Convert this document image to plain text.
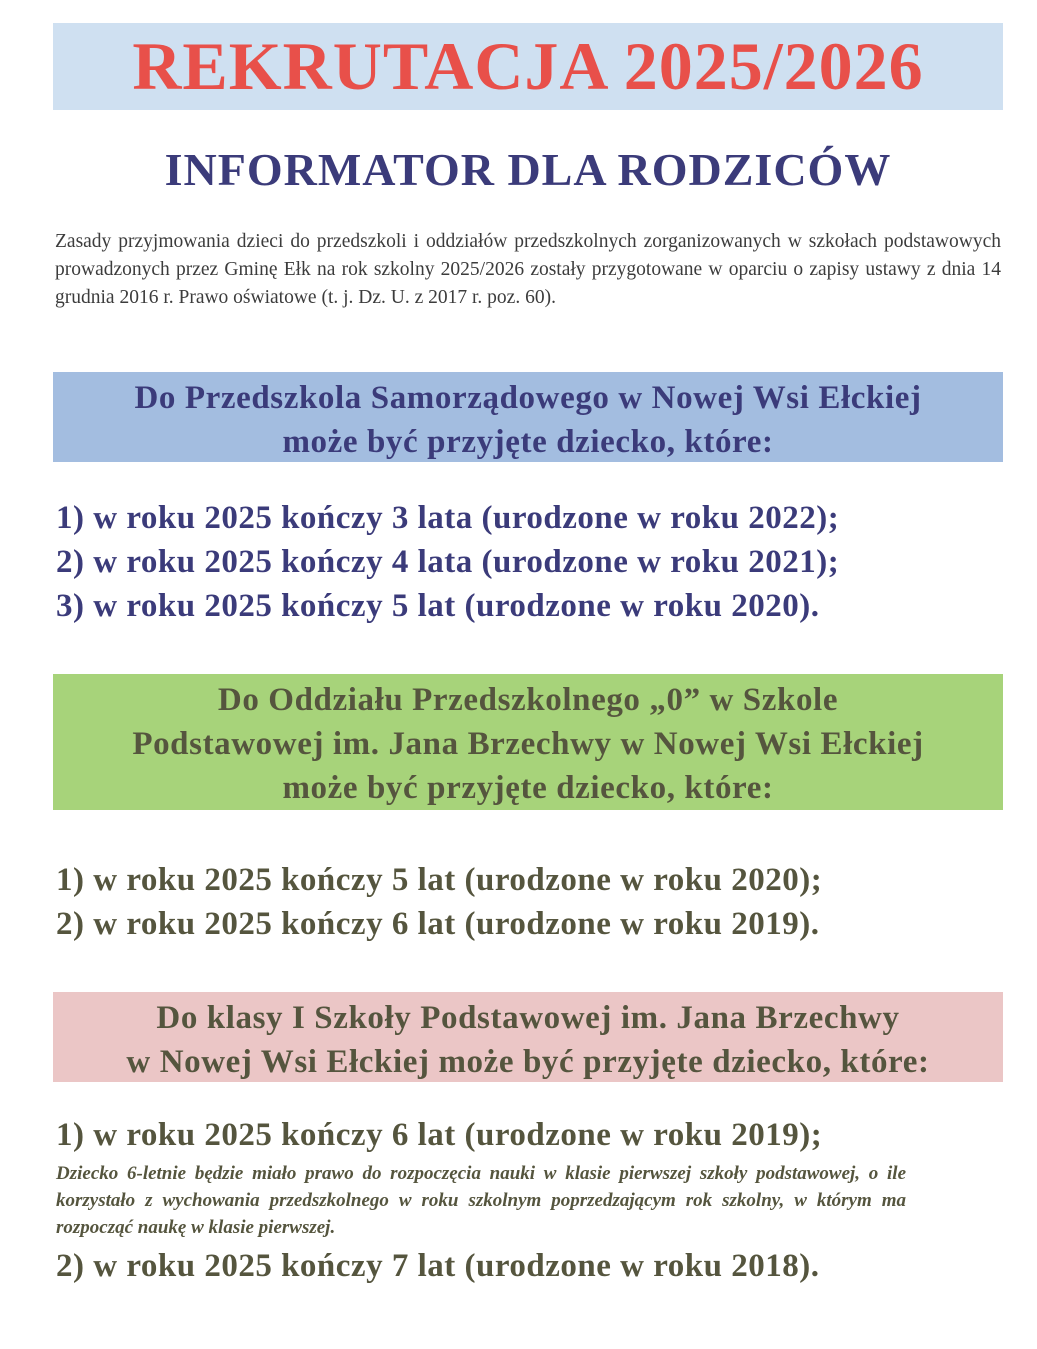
REKRUTACJA 2025/2026
INFORMATOR DLA RODZICÓW

Zasady przyjmowania dzieci do przedszkoli i oddziałów przedszkolnych zorganizowanych w szkołach podstawowych prowadzonych przez Gminę Ełk na rok szkolny 2025/2026 zostały przygotowane w oparciu o zapisy ustawy z dnia 14 grudnia 2016 r. Prawo oświatowe (t. j. Dz. U. z 2017 r. poz. 60).

Do Przedszkola Samorządowego w Nowej Wsi Ełckiej
może być przyjęte dziecko, które:
1) w roku 2025 kończy 3 lata (urodzone w roku 2022);
2) w roku 2025 kończy 4 lata (urodzone w roku 2021);
3) w roku 2025 kończy 5 lat (urodzone w roku 2020).
Do Oddziału Przedszkolnego „0” w Szkole
Podstawowej im. Jana Brzechwy w Nowej Wsi Ełckiej
może być przyjęte dziecko, które:
1) w roku 2025 kończy 5 lat (urodzone w roku 2020);
2) w roku 2025 kończy 6 lat (urodzone w roku 2019).
Do klasy I Szkoły Podstawowej im. Jana Brzechwy
w Nowej Wsi Ełckiej może być przyjęte dziecko, które:
1) w roku 2025 kończy 6 lat (urodzone w roku 2019);

Dziecko 6-letnie będzie miało prawo do rozpoczęcia nauki w klasie pierwszej szkoły podstawowej, o ile korzystało z wychowania przedszkolnego w roku szkolnym poprzedzającym rok szkolny, w którym ma rozpocząć naukę w klasie pierwszej.

2) w roku 2025 kończy 7 lat (urodzone w roku 2018).
